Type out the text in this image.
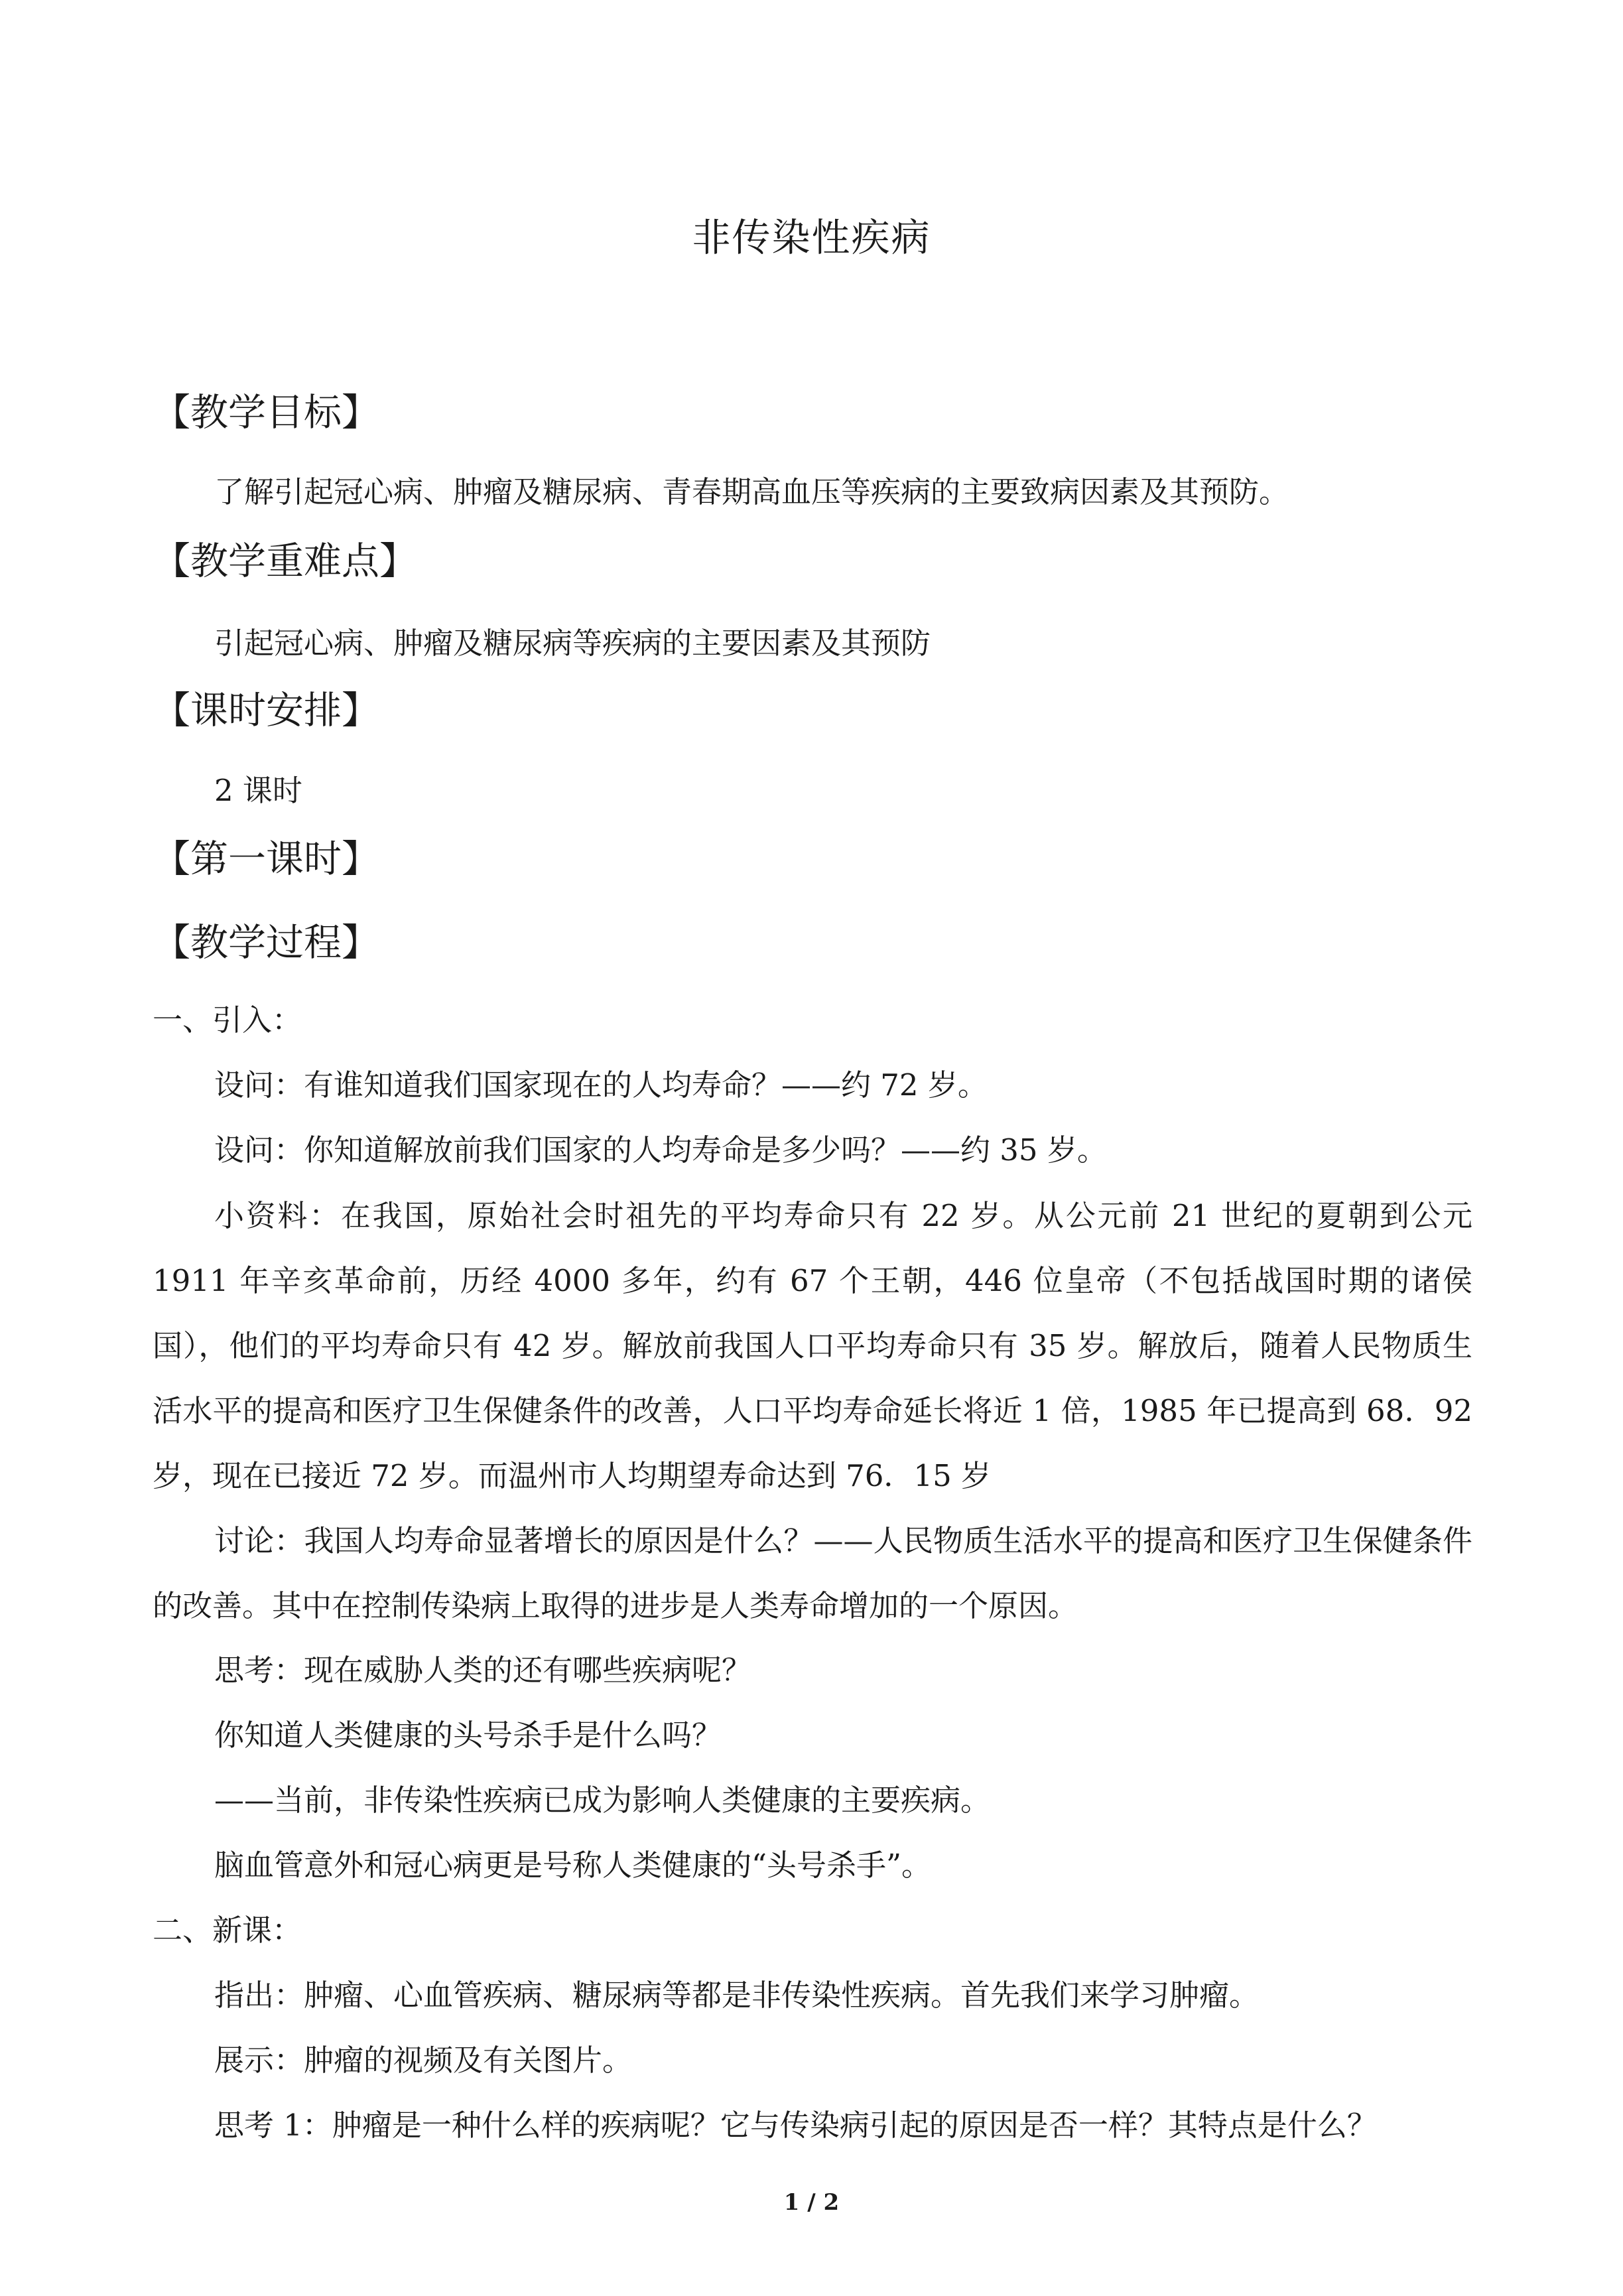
非传染性疾病
【教学目标】
了解引起冠心病、肿瘤及糖尿病、青春期高血压等疾病的主要致病因素及其预防。
【教学重难点】
引起冠心病、肿瘤及糖尿病等疾病的主要因素及其预防
【课时安排】
2 课时
【第一课时】
【教学过程】
一、引入：
设问：有谁知道我们国家现在的人均寿命？——约 72 岁。
设问：你知道解放前我们国家的人均寿命是多少吗？——约 35 岁。
小资料：在我国，原始社会时祖先的平均寿命只有 22 岁。从公元前 21 世纪的夏朝到公元 1911 年辛亥革命前，历经 4000 多年，约有 67 个王朝，446 位皇帝（不包括战国时期的诸侯国），他们的平均寿命只有 42 岁。解放前我国人口平均寿命只有 35 岁。解放后，随着人民物质生活水平的提高和医疗卫生保健条件的改善，人口平均寿命延长将近 1 倍，1985 年已提高到 68．92 岁，现在已接近 72 岁。而温州市人均期望寿命达到 76．15 岁
讨论：我国人均寿命显著增长的原因是什么？——人民物质生活水平的提高和医疗卫生保健条件的改善。其中在控制传染病上取得的进步是人类寿命增加的一个原因。
思考：现在威胁人类的还有哪些疾病呢？
你知道人类健康的头号杀手是什么吗？
——当前，非传染性疾病已成为影响人类健康的主要疾病。
脑血管意外和冠心病更是号称人类健康的“头号杀手”。
二、新课：
指出：肿瘤、心血管疾病、糖尿病等都是非传染性疾病。首先我们来学习肿瘤。
展示：肿瘤的视频及有关图片。
思考 1：肿瘤是一种什么样的疾病呢？它与传染病引起的原因是否一样？其特点是什么？
1 / 2
